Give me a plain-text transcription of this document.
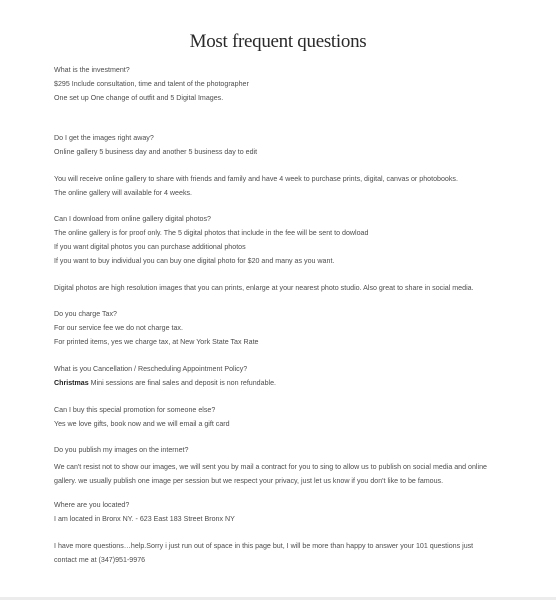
Most frequent questions
What is the investment?
$295 Include consultation, time and talent of the photographer
One set up One change of outfit and 5 Digital Images.
Do I get the images right away?
Online gallery 5 business day and another 5 business day to edit
You will receive online gallery to share with friends and family and have 4 week to purchase prints, digital, canvas or photobooks.
The online gallery will available for 4 weeks.
Can I download from online gallery digital photos?
The online gallery is for proof only. The 5 digital photos that include in the fee will be sent to dowload
If you want digital photos you can purchase additional photos
If you want to buy individual you can buy one digital photo for $20 and many as you want.
Digital photos are high resolution images that you can prints, enlarge at your nearest photo studio. Also great to share in social media.
Do you charge Tax?
For our service fee we do not charge tax.
For printed items, yes we charge tax, at New York State Tax Rate
What is you Cancellation / Rescheduling Appointment Policy?
Christmas Mini sessions are final sales and deposit is non refundable.
Can I buy this special promotion for someone else?
Yes we love gifts, book now and we will email a gift card
Do you publish my images on the internet?
We can't resist not to show our images, we will sent you by mail a contract for you to sing to allow us to publish on social media and online gallery. we usually publish one image per session but we respect your privacy, just let us know if you don't like to be famous.
Where are you located?
I am located in Bronx NY. - 623 East 183 Street Bronx NY
I have more questions…help.Sorry i just run out of space in this page but, I will be more than happy to answer your 101 questions just
contact me at (347)951-9976
